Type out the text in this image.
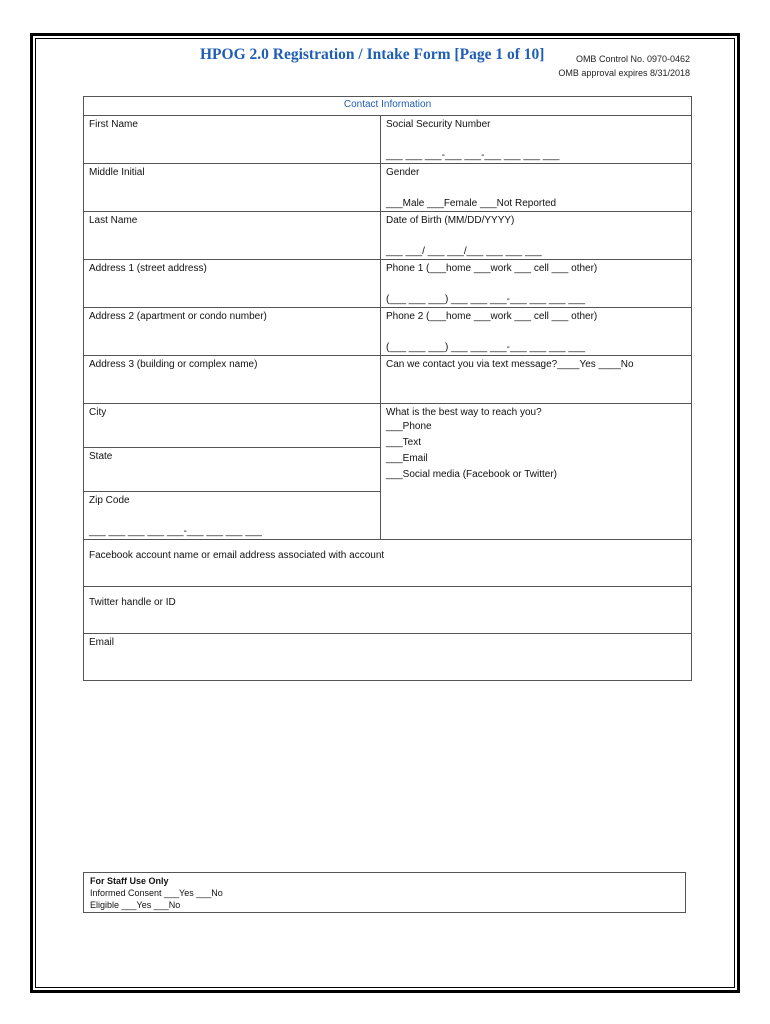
HPOG 2.0 Registration / Intake Form [Page 1 of 10]	OMB Control No. 0970-0462
OMB approval expires 8/31/2018
Contact Information	

First Name	Social Security Number
___ ___ ___-___ ___-___ ___ ___ ___

Middle Initial	Gender
___Male ___Female ___Not Reported

Last Name	Date of Birth (MM/DD/YYYY)
___ ___/ ___ ___/___ ___ ___ ___

Address 1 (street address)	Phone 1 (___home ___work ___ cell ___ other)
(___ ___ ___) ___ ___ ___-___ ___ ___ ___

Address 2 (apartment or condo number)	Phone 2 (___home ___work ___ cell ___ other)
(___ ___ ___) ___ ___ ___-___ ___ ___ ___

Address 3 (building or complex name)	Can we contact you via text message?____Yes ____No

City	What is the best way to reach you?
___Phone
___Text
___Email
___Social media (Facebook or Twitter)

State	

Zip Code
___ ___ ___ ___ ___-___ ___ ___ ___	

Facebook account name or email address associated with account	

Twitter handle or ID	

Email	
For Staff Use Only
Informed Consent ___Yes ___No
Eligible ___Yes ___No
